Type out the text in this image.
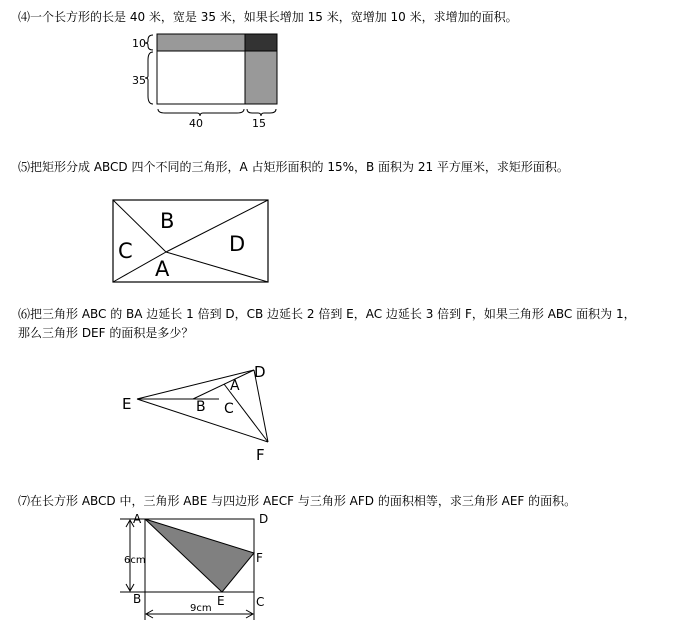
⑷一个长方形的长是 40 米，宽是 35 米，如果长增加 15 米，宽增加 10 米，求增加的面积。
10
35
40	15
⑸把矩形分成 ABCD 四个不同的三角形，A 占矩形面积的 15%，B 面积为 21 平方厘米，求矩形面积。
B
C	D
A
⑹把三角形 ABC 的 BA 边延长 1 倍到 D，CB 边延长 2 倍到 E，AC 边延长 3 倍到 F，如果三角形 ABC 面积为 1，
那么三角形 DEF 的面积是多少？
D
E
A
B C
F
⑺在长方形 ABCD 中，三角形 ABE 与四边形 AECF 与三角形 AFD 的面积相等，求三角形 AEF 的面积。
A	D
B	C
E
F
6cm
9cm
